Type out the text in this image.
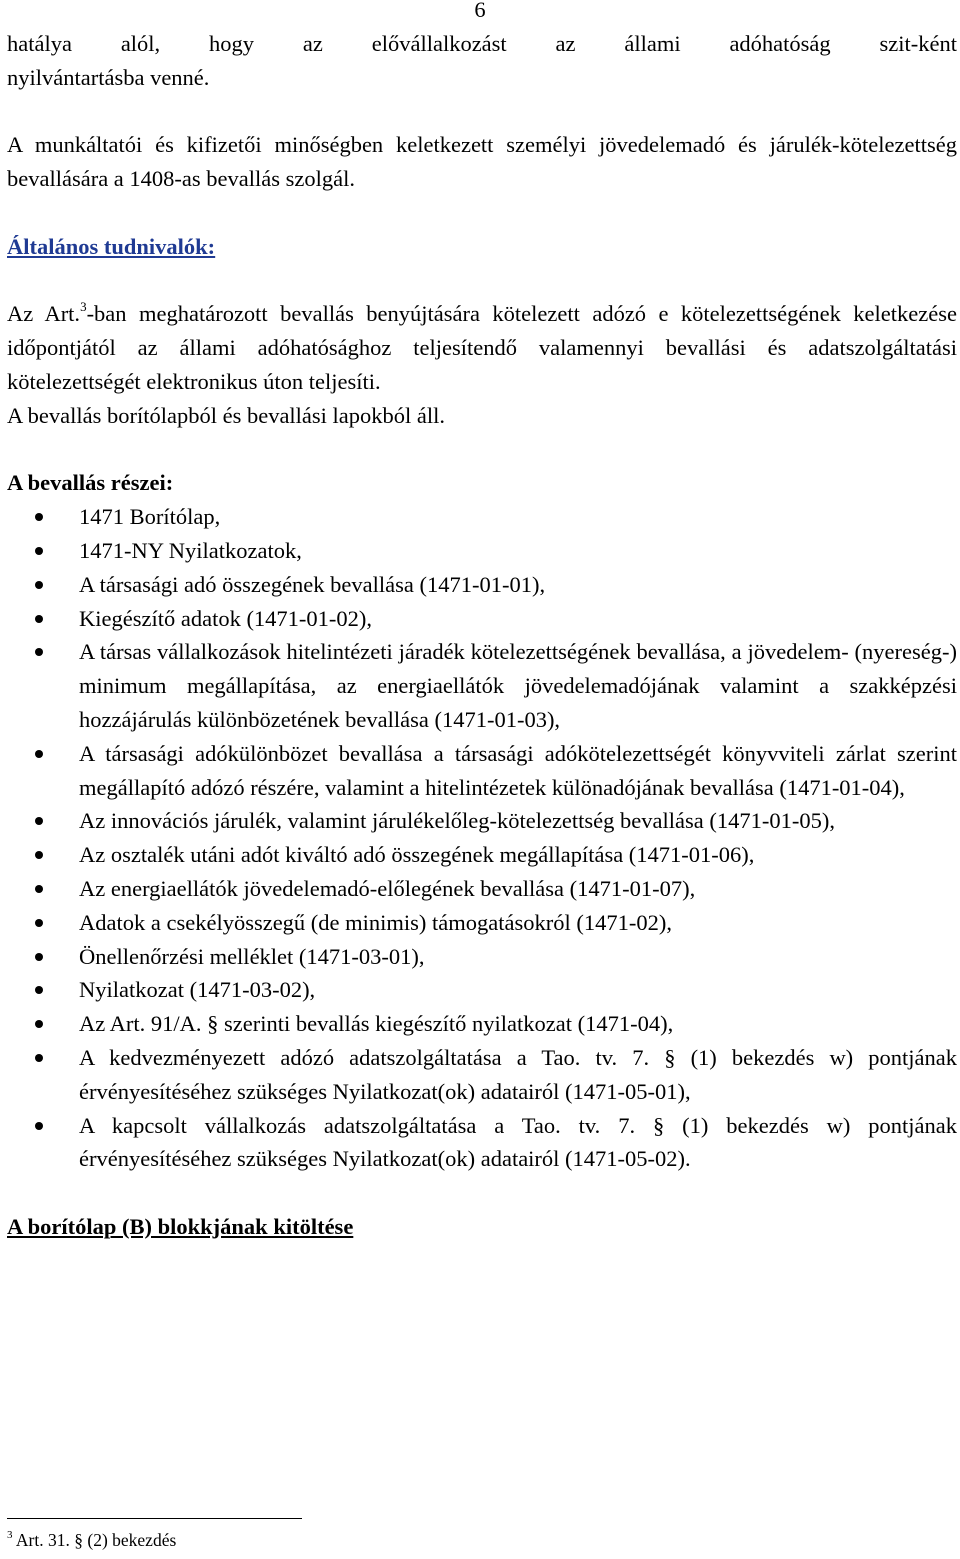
6

hatálya alól, hogy az elővállalkozást az állami adóhatóság szit-ként

nyilvántartásba venné.

A munkáltatói és kifizetői minőségben keletkezett személyi jövedelemadó és járulék-kötelezettség bevallására a 1408-as bevallás szolgál.

Általános tudnivalók:

Az Art.$^3$-ban meghatározott bevallás benyújtására kötelezett adózó e kötelezettségének keletkezése időpontjától az állami adóhatósághoz teljesítendő valamennyi bevallási és adatszolgáltatási kötelezettségét elektronikus úton teljesíti.

A bevallás borítólapból és bevallási lapokból áll.

A bevallás részei:

1471 Borítólap,
1471-NY Nyilatkozatok,
A társasági adó összegének bevallása (1471-01-01),
Kiegészítő adatok (1471-01-02),
A társas vállalkozások hitelintézeti járadék kötelezettségének bevallása, a jövedelem- (nyereség-) minimum megállapítása, az energiaellátók jövedelemadójának valamint a szakképzési hozzájárulás különbözetének bevallása (1471-01-03),
A társasági adókülönbözet bevallása a társasági adókötelezettségét könyvviteli zárlat szerint megállapító adózó részére, valamint a hitelintézetek különadójának bevallása (1471-01-04),
Az innovációs járulék, valamint járulékelőleg-kötelezettség bevallása (1471-01-05),
Az osztalék utáni adót kiváltó adó összegének megállapítása (1471-01-06),
Az energiaellátók jövedelemadó-előlegének bevallása (1471-01-07),
Adatok a csekélyösszegű (de minimis) támogatásokról (1471-02),
Önellenőrzési melléklet (1471-03-01),
Nyilatkozat (1471-03-02),
Az Art. 91/A. § szerinti bevallás kiegészítő nyilatkozat (1471-04),
A kedvezményezett adózó adatszolgáltatása a Tao. tv. 7. § (1) bekezdés w) pontjának érvényesítéséhez szükséges Nyilatkozat(ok) adatairól (1471-05-01),
A kapcsolt vállalkozás adatszolgáltatása a Tao. tv. 7. § (1) bekezdés w) pontjának érvényesítéséhez szükséges Nyilatkozat(ok) adatairól (1471-05-02).

A borítólap (B) blokkjának kitöltése

$^3$ Art. 31. § (2) bekezdés
